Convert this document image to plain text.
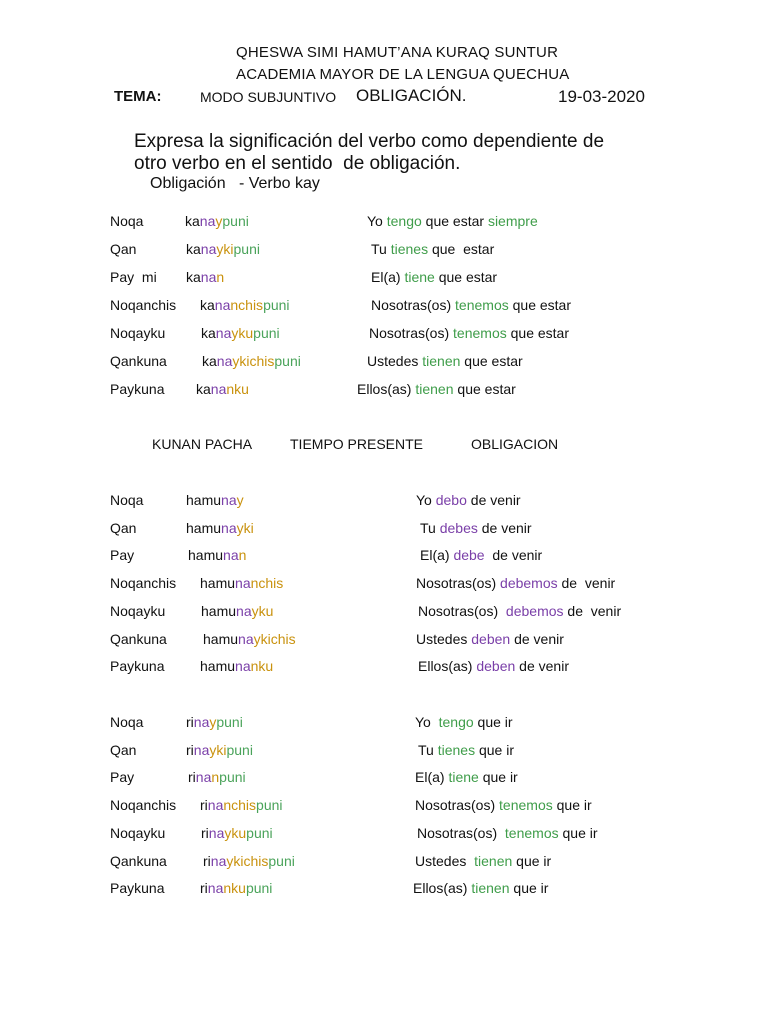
QHESWA SIMI HAMUT’ANA KURAQ SUNTUR
ACADEMIA MAYOR DE LA LENGUA QUECHUA
TEMA:	MODO SUBJUNTIVO OBLIGACIÓN.	19-03-2020
Expresa la significación del verbo como dependiente de
otro verbo en el sentido  de obligación.
Obligación   - Verbo kay
Noqa	kanaypuni	Yo tengo que estar siempre
Qan	kanaykipuni	Tu tienes que  estar
Pay  mi kanan	El(a) tiene que estar
Noqanchis kananchispuni	Nosotras(os) tenemos que estar
Noqayku	kanaykupuni	Nosotras(os) tenemos que estar
Qankuna	kanaykichispuni	Ustedes tienen que estar
Paykuna kananku	Ellos(as) tienen que estar
KUNAN PACHA	TIEMPO PRESENTE	OBLIGACION
Noqa	hamunay	Yo debo de venir
Qan	hamunayki	Tu debes de venir
Pay	hamunan	El(a) debe  de venir
Noqanchis hamunanchis	Nosotras(os) debemos de  venir
Noqayku	hamunayku	Nosotras(os)  debemos de  venir
Qankuna	hamunaykichis	Ustedes deben de venir
Paykuna	hamunanku	Ellos(as) deben de venir
Noqa	rinaypuni	Yo  tengo que ir
Qan	rinaykipuni	Tu tienes que ir
Pay	rinanpuni	El(a) tiene que ir
Noqanchis rinanchispuni	Nosotras(os) tenemos que ir
Noqayku	rinaykupuni	Nosotras(os)  tenemos que ir
Qankuna	rinaykichispuni	Ustedes  tienen que ir
Paykuna	rinankupuni	Ellos(as) tienen que ir
